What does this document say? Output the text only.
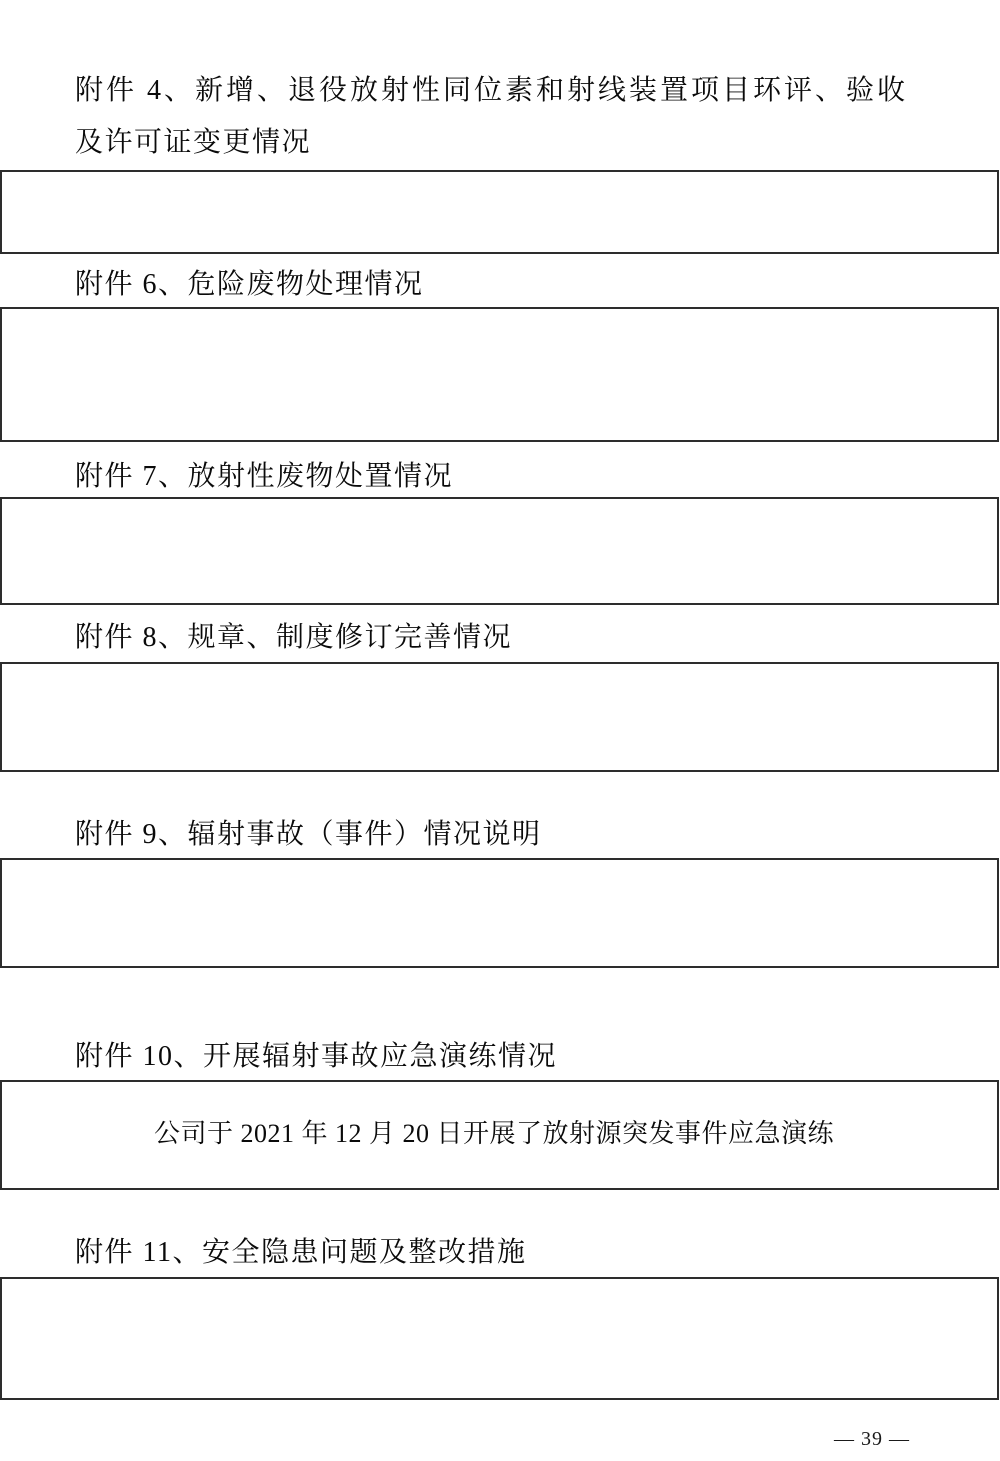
附件 4、新增、退役放射性同位素和射线装置项目环评、验收
及许可证变更情况
附件 6、危险废物处理情况
附件 7、放射性废物处置情况
附件 8、规章、制度修订完善情况
附件 9、辐射事故（事件）情况说明
附件 10、开展辐射事故应急演练情况
公司于 2021 年 12 月 20 日开展了放射源突发事件应急演练
附件 11、安全隐患问题及整改措施
— 39 —
